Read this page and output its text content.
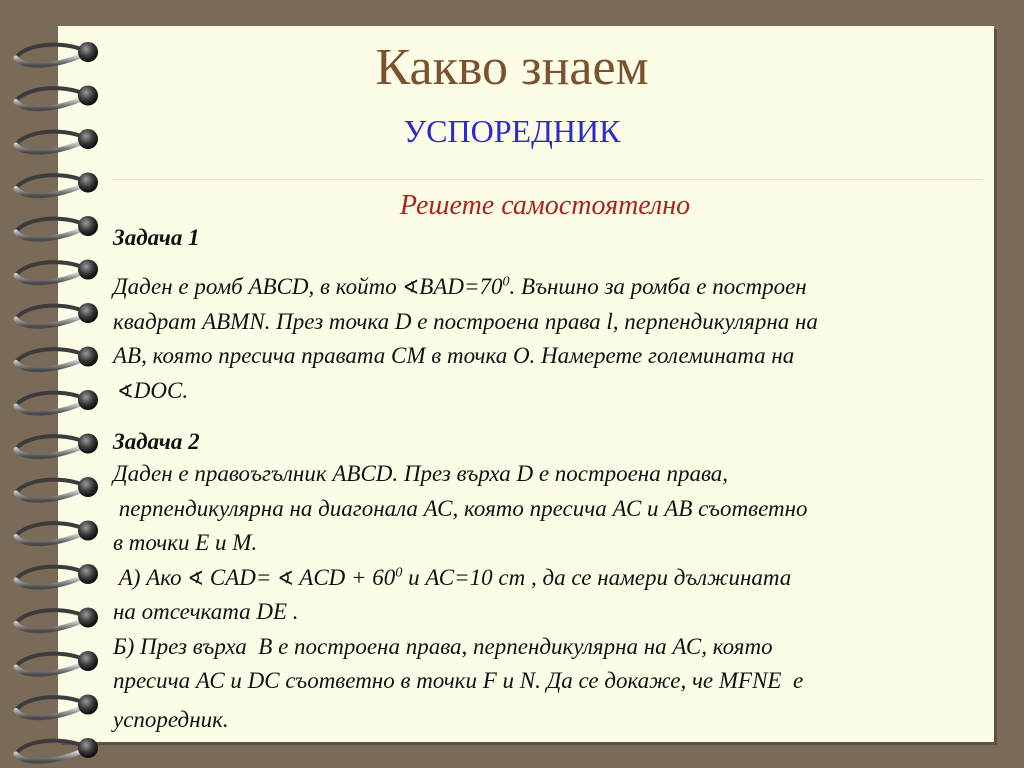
Какво знаем
УСПОРЕДНИК
Решете самостоятелно
Задача 1
Даден е ромб ABCD, в който $∢BAD=70^0$. Външно за ромба е построен
квадрат ABMN. През точка D е построена права l, перпендикулярна на
АВ, която пресича правата СМ в точка О. Намерете големината на
∢DOC.
Задача 2
Даден е правоъгълник ABCD. През върха D е построена права,
перпендикулярна на диагонала АС, която пресича АС и АВ съответно
в точки Е и М.
А) Ако ∢ CAD= ∢ ACD + $60^0$ и АС=10 cm , да се намери дължината
на отсечката DE .
Б) През върха  В е построена права, перпендикулярна на АС, която
пресича АС и DC съответно в точки F и N. Да се докаже, че MFNE  е
успоредник.
